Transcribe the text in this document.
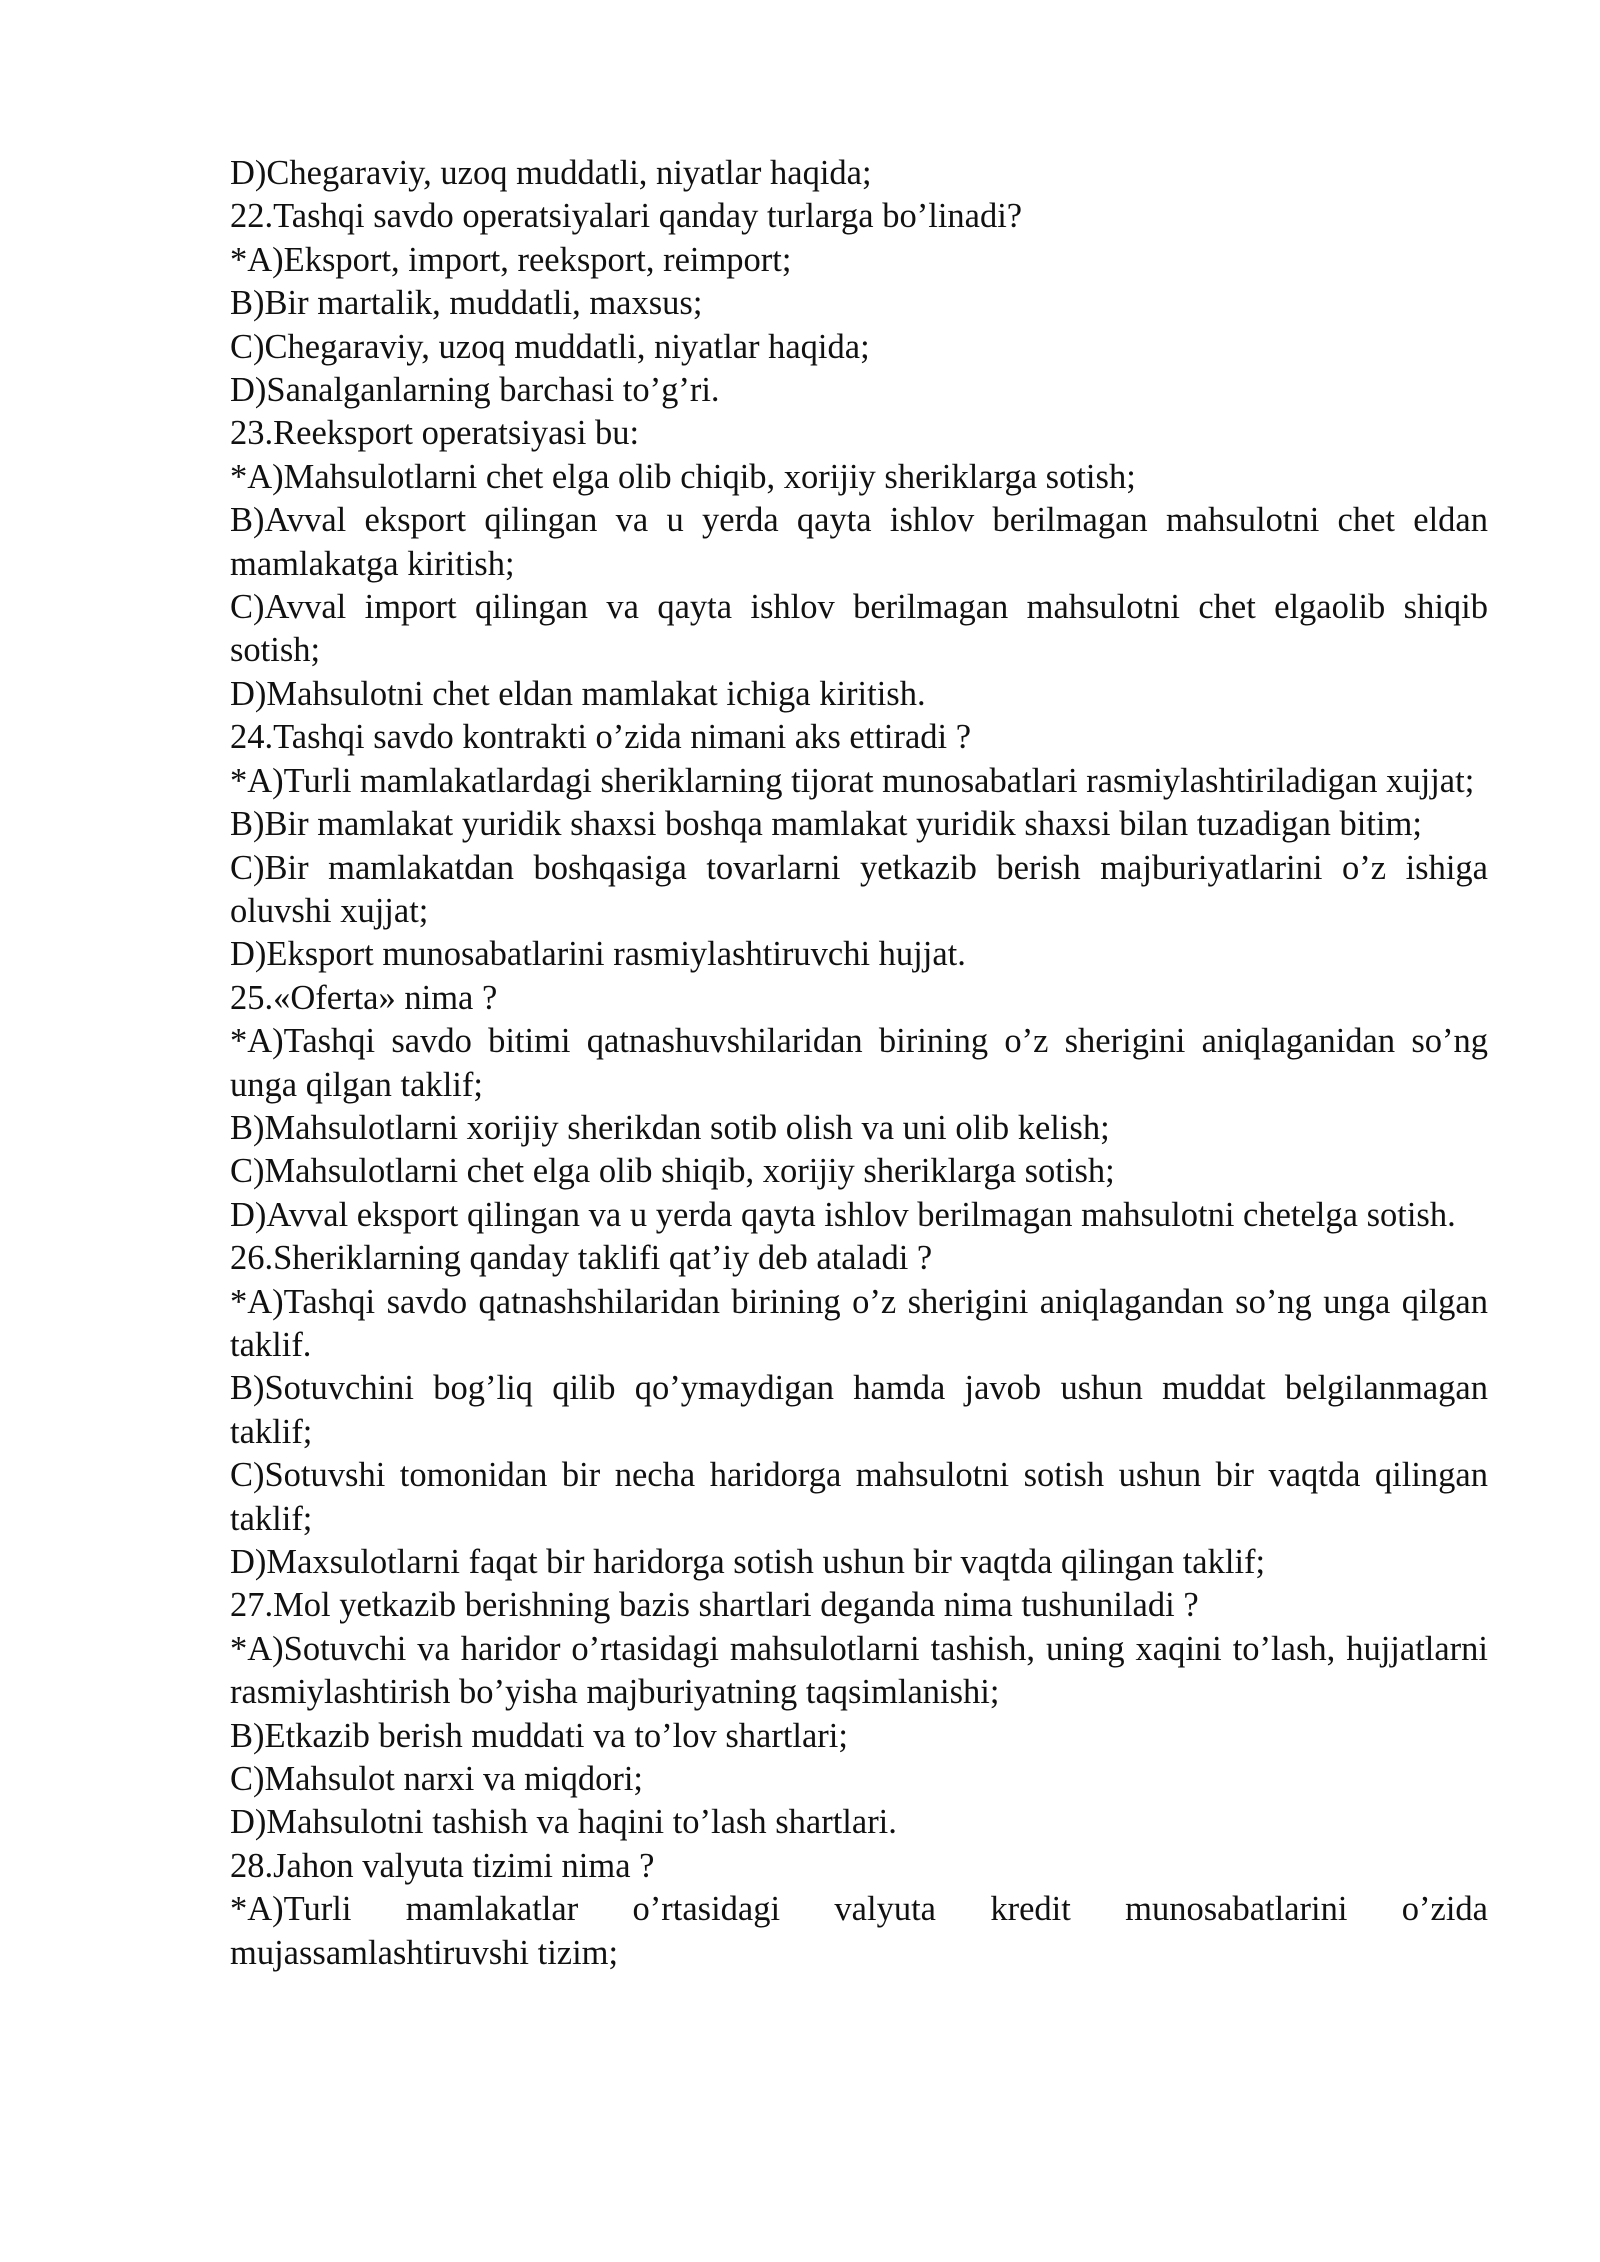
D)Chegaraviy, uzoq muddatli, niyatlar haqida;

22.Tashqi savdo operatsiyalari qanday turlarga bo’linadi?

*A)Eksport, import, reeksport, reimport;

B)Bir martalik, muddatli, maxsus;

C)Chegaraviy, uzoq muddatli, niyatlar haqida;

D)Sanalganlarning barchasi to’g’ri.

23.Reeksport operatsiyasi bu:

*A)Mahsulotlarni chet elga olib chiqib, xorijiy sheriklarga sotish;

B)Avval eksport qilingan va u yerda qayta ishlov berilmagan mahsulotni chet eldan mamlakatga kiritish;

C)Avval import qilingan va qayta ishlov berilmagan mahsulotni chet elgaolib shiqib sotish;

D)Mahsulotni chet eldan mamlakat ichiga kiritish.

24.Tashqi savdo kontrakti o’zida nimani aks ettiradi ?

*A)Turli mamlakatlardagi sheriklarning tijorat munosabatlari rasmiylashtiriladigan xujjat;

B)Bir mamlakat yuridik shaxsi boshqa mamlakat yuridik shaxsi bilan tuzadigan bitim;

C)Bir mamlakatdan boshqasiga tovarlarni yetkazib berish majburiyatlarini o’z ishiga oluvshi xujjat;

D)Eksport munosabatlarini rasmiylashtiruvchi hujjat.

25.«Oferta» nima ?

*A)Tashqi savdo bitimi qatnashuvshilaridan birining o’z sherigini aniqlaganidan so’ng unga qilgan taklif;

B)Mahsulotlarni xorijiy sherikdan sotib olish va uni olib kelish;

C)Mahsulotlarni chet elga olib shiqib, xorijiy sheriklarga sotish;

D)Avval eksport qilingan va u yerda qayta ishlov berilmagan mahsulotni chetelga sotish.

26.Sheriklarning qanday taklifi qat’iy deb ataladi ?

*A)Tashqi savdo qatnashshilaridan birining o’z sherigini aniqlagandan so’ng unga qilgan taklif.

B)Sotuvchini bog’liq qilib qo’ymaydigan hamda javob ushun muddat belgilanmagan taklif;

C)Sotuvshi tomonidan bir necha haridorga mahsulotni sotish ushun bir vaqtda qilingan taklif;

D)Maxsulotlarni faqat bir haridorga sotish ushun bir vaqtda qilingan taklif;

27.Mol yetkazib berishning bazis shartlari deganda nima tushuniladi ?

*A)Sotuvchi va haridor o’rtasidagi mahsulotlarni tashish, uning xaqini to’lash, hujjatlarni rasmiylashtirish bo’yisha majburiyatning taqsimlanishi;

B)Etkazib berish muddati va to’lov shartlari;

C)Mahsulot narxi va miqdori;

D)Mahsulotni tashish va haqini to’lash shartlari.

28.Jahon valyuta tizimi nima ?

*A)Turli mamlakatlar o’rtasidagi valyuta kredit munosabatlarini o’zida mujassamlashtiruvshi tizim;
